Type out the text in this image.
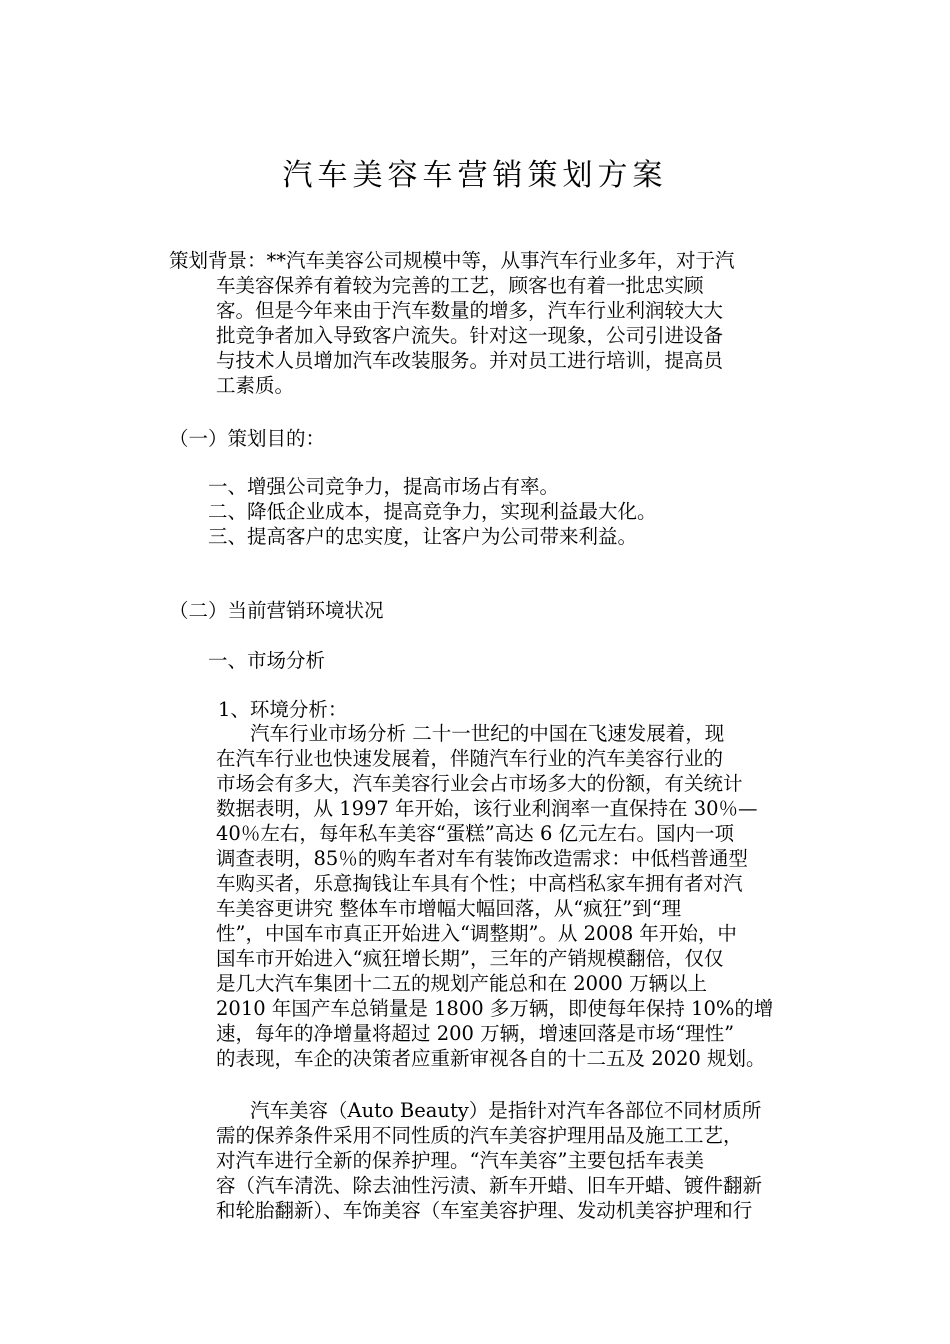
汽车美容车营销策划方案
策划背景：**汽车美容公司规模中等，从事汽车行业多年，对于汽
车美容保养有着较为完善的工艺，顾客也有着一批忠实顾
客。但是今年来由于汽车数量的增多，汽车行业利润较大大
批竞争者加入导致客户流失。针对这一现象，公司引进设备
与技术人员增加汽车改装服务。并对员工进行培训，提高员
工素质。
（一）策划目的：
一、增强公司竞争力，提高市场占有率。
二、降低企业成本，提高竞争力，实现利益最大化。
三、提高客户的忠实度，让客户为公司带来利益。
（二）当前营销环境状况
一、市场分析
1、环境分析：
汽车行业市场分析 二十一世纪的中国在飞速发展着，现
在汽车行业也快速发展着，伴随汽车行业的汽车美容行业的
市场会有多大，汽车美容行业会占市场多大的份额，有关统计
数据表明，从 1997 年开始，该行业利润率一直保持在 30％—
40％左右，每年私车美容“蛋糕”高达 6 亿元左右。国内一项
调查表明，85％的购车者对车有装饰改造需求：中低档普通型
车购买者，乐意掏钱让车具有个性；中高档私家车拥有者对汽
车美容更讲究 整体车市增幅大幅回落，从“疯狂”到“理
性”，中国车市真正开始进入“调整期”。从 2008 年开始，中
国车市开始进入“疯狂增长期”，三年的产销规模翻倍，仅仅
是几大汽车集团十二五的规划产能总和在 2000 万辆以上
2010 年国产车总销量是 1800 多万辆，即使每年保持 10%的增
速，每年的净增量将超过 200 万辆，增速回落是市场“理性”
的表现，车企的决策者应重新审视各自的十二五及 2020 规划。
汽车美容（Auto Beauty）是指针对汽车各部位不同材质所
需的保养条件采用不同性质的汽车美容护理用品及施工工艺，
对汽车进行全新的保养护理。“汽车美容”主要包括车表美
容（汽车清洗、除去油性污渍、新车开蜡、旧车开蜡、镀件翻新
和轮胎翻新）、车饰美容（车室美容护理、发动机美容护理和行
